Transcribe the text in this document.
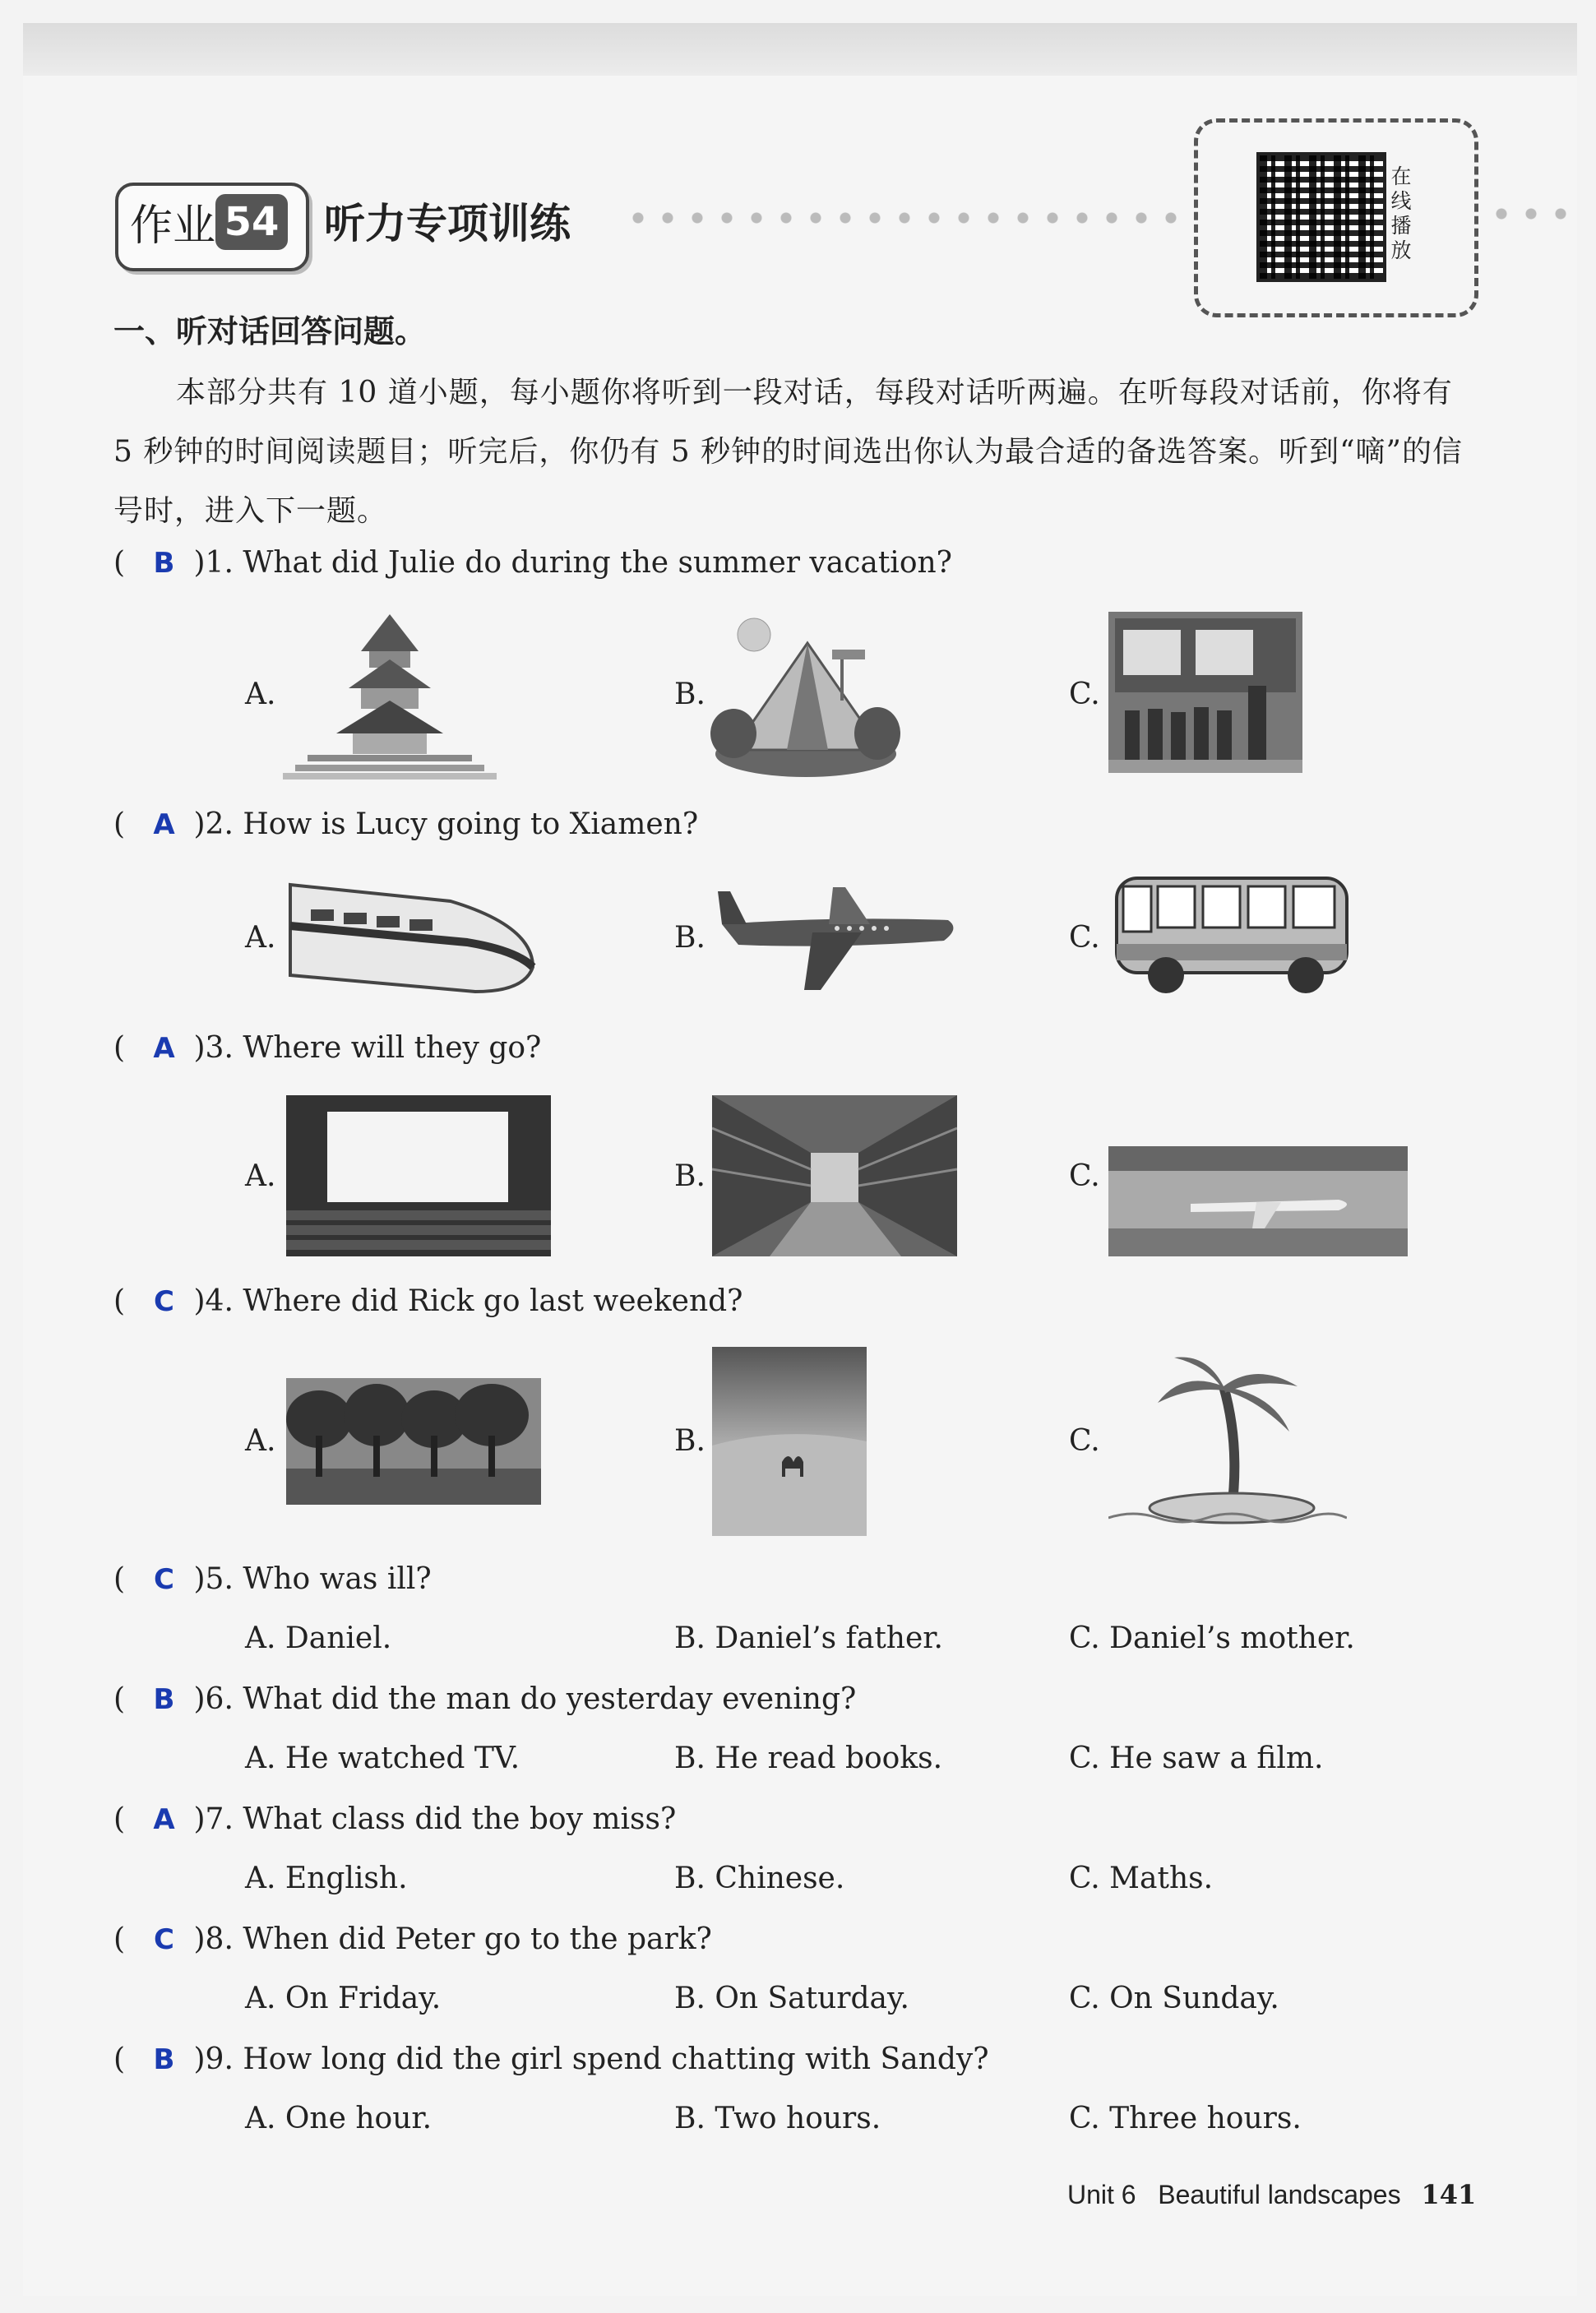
作业 54 听力专项训练
在线播放
一、听对话回答问题。
本部分共有 10 道小题，每小题你将听到一段对话，每段对话听两遍。在听每段对话前，你将有 5 秒钟的时间阅读题目；听完后，你仍有 5 秒钟的时间选出你认为最合适的备选答案。听到“嘀”的信号时，进入下一题。
( B )1. What did Julie do during the summer vacation?
A.	B.	C.
( A )2. How is Lucy going to Xiamen?
A.	B.	C.
( A )3. Where will they go?
A.	B.	C.
( C )4. Where did Rick go last weekend?
A.	B.	C.
( C )5. Who was ill?
A. Daniel.	B. Daniel’s father.	C. Daniel’s mother.
( B )6. What did the man do yesterday evening?
A. He watched TV.	B. He read books.	C. He saw a film.
( A )7. What class did the boy miss?
A. English.	B. Chinese.	C. Maths.
( C )8. When did Peter go to the park?
A. On Friday.	B. On Saturday.	C. On Sunday.
( B )9. How long did the girl spend chatting with Sandy?
A. One hour.	B. Two hours.	C. Three hours.
Unit 6 Beautiful landscapes 141
